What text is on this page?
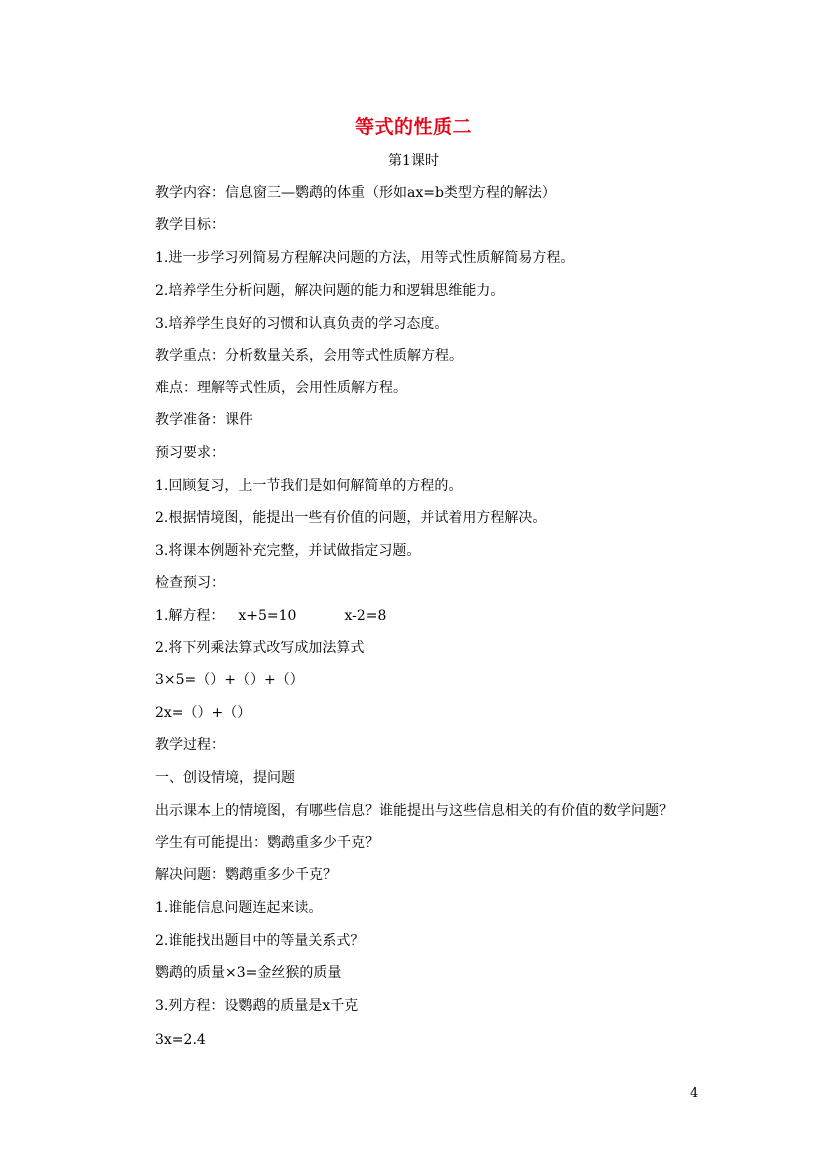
等式的性质二
第1课时
教学内容：信息窗三—鹦鹉的体重（形如ax=b类型方程的解法）
教学目标：
1.进一步学习列简易方程解决问题的方法，用等式性质解简易方程。
2.培养学生分析问题，解决问题的能力和逻辑思维能力。
3.培养学生良好的习惯和认真负责的学习态度。
教学重点：分析数量关系，会用等式性质解方程。
难点：理解等式性质，会用性质解方程。
教学准备：课件
预习要求：
1.回顾复习，上一节我们是如何解简单的方程的。
2.根据情境图，能提出一些有价值的问题，并试着用方程解决。
3.将课本例题补充完整，并试做指定习题。
检查预习：
1.解方程： x+5=10	x-2=8
2.将下列乘法算式改写成加法算式
3×5=（）+（）+（）
2x=（）+（）
教学过程：
一、创设情境，提问题
出示课本上的情境图，有哪些信息？谁能提出与这些信息相关的有价值的数学问题？
学生有可能提出：鹦鹉重多少千克？
解决问题：鹦鹉重多少千克？
1.谁能信息问题连起来读。
2.谁能找出题目中的等量关系式？
鹦鹉的质量×3=金丝猴的质量
3.列方程：设鹦鹉的质量是x千克
3x=2.4
4
